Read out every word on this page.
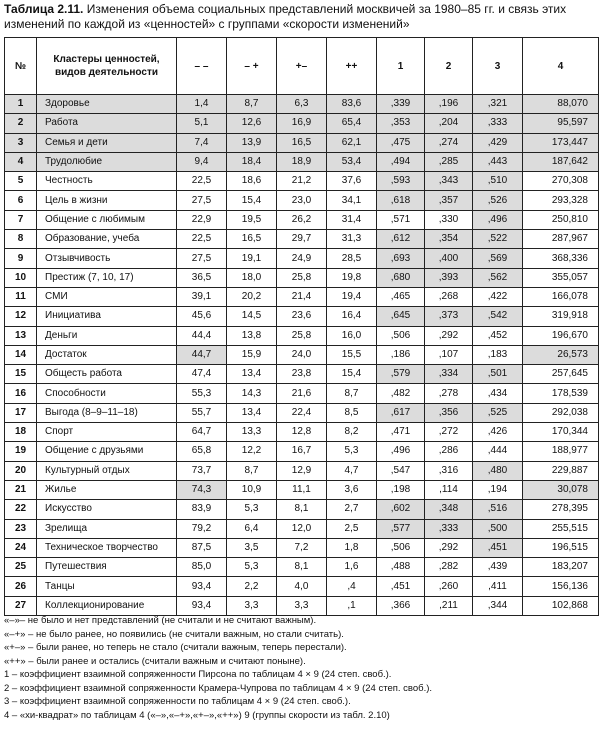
Таблица 2.11. Изменения объема социальных представлений москвичей за 1980–85 гг. и связь этих изменений по каждой из «ценностей» с группами «скорости изменений»
№	Кластеры ценностей, видов деятельности	– –	– +	+–	++	1	2	3	4
1	Здоровье	1,4	8,7	6,3	83,6	,339	,196	,321	88,070
2	Работа	5,1	12,6	16,9	65,4	,353	,204	,333	95,597
3	Семья и дети	7,4	13,9	16,5	62,1	,475	,274	,429	173,447
4	Трудолюбие	9,4	18,4	18,9	53,4	,494	,285	,443	187,642
5	Честность	22,5	18,6	21,2	37,6	,593	,343	,510	270,308
6	Цель в жизни	27,5	15,4	23,0	34,1	,618	,357	,526	293,328
7	Общение с любимым	22,9	19,5	26,2	31,4	,571	,330	,496	250,810
8	Образование, учеба	22,5	16,5	29,7	31,3	,612	,354	,522	287,967
9	Отзывчивость	27,5	19,1	24,9	28,5	,693	,400	,569	368,336
10	Престиж (7, 10, 17)	36,5	18,0	25,8	19,8	,680	,393	,562	355,057
11	СМИ	39,1	20,2	21,4	19,4	,465	,268	,422	166,078
12	Инициатива	45,6	14,5	23,6	16,4	,645	,373	,542	319,918
13	Деньги	44,4	13,8	25,8	16,0	,506	,292	,452	196,670
14	Достаток	44,7	15,9	24,0	15,5	,186	,107	,183	26,573
15	Общесть работа	47,4	13,4	23,8	15,4	,579	,334	,501	257,645
16	Способности	55,3	14,3	21,6	8,7	,482	,278	,434	178,539
17	Выгода (8–9–11–18)	55,7	13,4	22,4	8,5	,617	,356	,525	292,038
18	Спорт	64,7	13,3	12,8	8,2	,471	,272	,426	170,344
19	Общение с друзьями	65,8	12,2	16,7	5,3	,496	,286	,444	188,977
20	Культурный отдых	73,7	8,7	12,9	4,7	,547	,316	,480	229,887
21	Жилье	74,3	10,9	11,1	3,6	,198	,114	,194	30,078
22	Искусство	83,9	5,3	8,1	2,7	,602	,348	,516	278,395
23	Зрелища	79,2	6,4	12,0	2,5	,577	,333	,500	255,515
24	Техническое творчество	87,5	3,5	7,2	1,8	,506	,292	,451	196,515
25	Путешествия	85,0	5,3	8,1	1,6	,488	,282	,439	183,207
26	Танцы	93,4	2,2	4,0	,4	,451	,260	,411	156,136
27	Коллекционирование	93,4	3,3	3,3	,1	,366	,211	,344	102,868
«–»– не было и нет представлений (не считали и не считают важным).
«–+» – не было ранее, но появились (не считали важным, но стали считать).
«+–» – были ранее, но теперь не стало (считали важным, теперь перестали).
«++» – были ранее и остались (считали важным и считают поныне).
1 – коэффициент взаимной сопряженности Пирсона по таблицам 4 × 9 (24 степ. своб.).
2 – коэффициент взаимной сопряженности Крамера-Чупрова по таблицам 4 × 9 (24 степ. своб.).
3 – коэффициент взаимной сопряженности по таблицам 4 × 9 (24 степ. своб.).
4 – «хи-квадрат» по таблицам 4 («–»,«–+»,«+–»,«++») 9 (группы скорости из табл. 2.10)
